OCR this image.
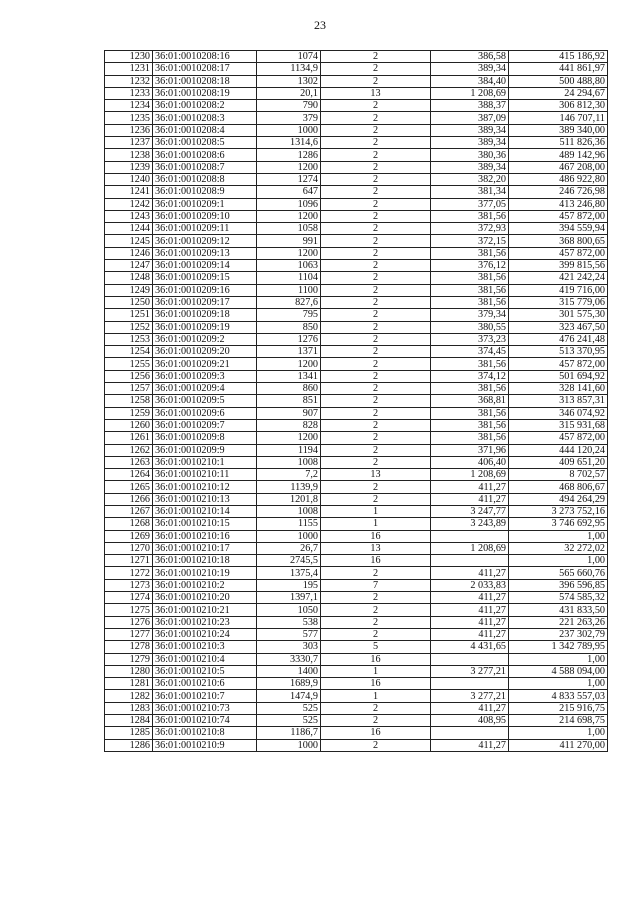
23
1230	36:01:0010208:16	1074	2	386,58	415 186,92
1231	36:01:0010208:17	1134,9	2	389,34	441 861,97
1232	36:01:0010208:18	1302	2	384,40	500 488,80
1233	36:01:0010208:19	20,1	13	1 208,69	24 294,67
1234	36:01:0010208:2	790	2	388,37	306 812,30
1235	36:01:0010208:3	379	2	387,09	146 707,11
1236	36:01:0010208:4	1000	2	389,34	389 340,00
1237	36:01:0010208:5	1314,6	2	389,34	511 826,36
1238	36:01:0010208:6	1286	2	380,36	489 142,96
1239	36:01:0010208:7	1200	2	389,34	467 208,00
1240	36:01:0010208:8	1274	2	382,20	486 922,80
1241	36:01:0010208:9	647	2	381,34	246 726,98
1242	36:01:0010209:1	1096	2	377,05	413 246,80
1243	36:01:0010209:10	1200	2	381,56	457 872,00
1244	36:01:0010209:11	1058	2	372,93	394 559,94
1245	36:01:0010209:12	991	2	372,15	368 800,65
1246	36:01:0010209:13	1200	2	381,56	457 872,00
1247	36:01:0010209:14	1063	2	376,12	399 815,56
1248	36:01:0010209:15	1104	2	381,56	421 242,24
1249	36:01:0010209:16	1100	2	381,56	419 716,00
1250	36:01:0010209:17	827,6	2	381,56	315 779,06
1251	36:01:0010209:18	795	2	379,34	301 575,30
1252	36:01:0010209:19	850	2	380,55	323 467,50
1253	36:01:0010209:2	1276	2	373,23	476 241,48
1254	36:01:0010209:20	1371	2	374,45	513 370,95
1255	36:01:0010209:21	1200	2	381,56	457 872,00
1256	36:01:0010209:3	1341	2	374,12	501 694,92
1257	36:01:0010209:4	860	2	381,56	328 141,60
1258	36:01:0010209:5	851	2	368,81	313 857,31
1259	36:01:0010209:6	907	2	381,56	346 074,92
1260	36:01:0010209:7	828	2	381,56	315 931,68
1261	36:01:0010209:8	1200	2	381,56	457 872,00
1262	36:01:0010209:9	1194	2	371,96	444 120,24
1263	36:01:0010210:1	1008	2	406,40	409 651,20
1264	36:01:0010210:11	7,2	13	1 208,69	8 702,57
1265	36:01:0010210:12	1139,9	2	411,27	468 806,67
1266	36:01:0010210:13	1201,8	2	411,27	494 264,29
1267	36:01:0010210:14	1008	1	3 247,77	3 273 752,16
1268	36:01:0010210:15	1155	1	3 243,89	3 746 692,95
1269	36:01:0010210:16	1000	16		1,00
1270	36:01:0010210:17	26,7	13	1 208,69	32 272,02
1271	36:01:0010210:18	2745,5	16		1,00
1272	36:01:0010210:19	1375,4	2	411,27	565 660,76
1273	36:01:0010210:2	195	7	2 033,83	396 596,85
1274	36:01:0010210:20	1397,1	2	411,27	574 585,32
1275	36:01:0010210:21	1050	2	411,27	431 833,50
1276	36:01:0010210:23	538	2	411,27	221 263,26
1277	36:01:0010210:24	577	2	411,27	237 302,79
1278	36:01:0010210:3	303	5	4 431,65	1 342 789,95
1279	36:01:0010210:4	3330,7	16		1,00
1280	36:01:0010210:5	1400	1	3 277,21	4 588 094,00
1281	36:01:0010210:6	1689,9	16		1,00
1282	36:01:0010210:7	1474,9	1	3 277,21	4 833 557,03
1283	36:01:0010210:73	525	2	411,27	215 916,75
1284	36:01:0010210:74	525	2	408,95	214 698,75
1285	36:01:0010210:8	1186,7	16		1,00
1286	36:01:0010210:9	1000	2	411,27	411 270,00
